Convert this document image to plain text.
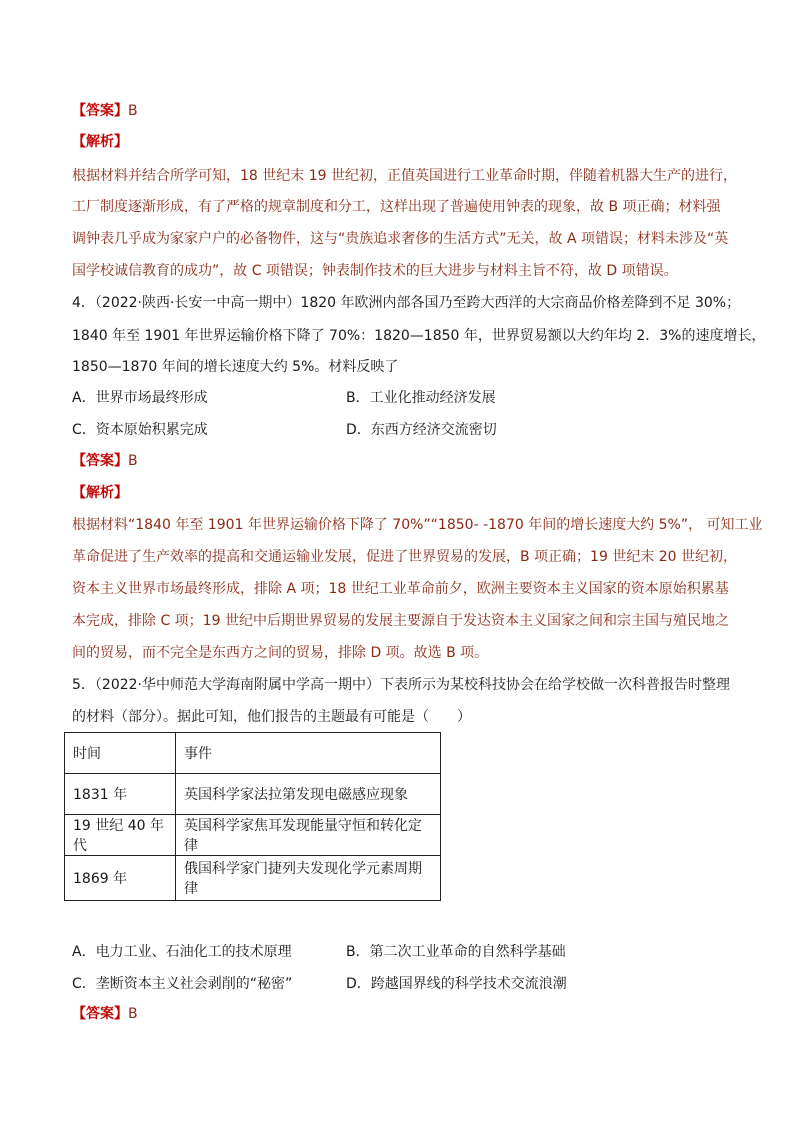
【答案】B
【解析】
根据材料并结合所学可知，18 世纪末 19 世纪初，正值英国进行工业革命时期，伴随着机器大生产的进行，
工厂制度逐渐形成，有了严格的规章制度和分工，这样出现了普遍使用钟表的现象，故 B 项正确；材料强
调钟表几乎成为家家户户的必备物件，这与“贵族追求奢侈的生活方式”无关，故 A 项错误；材料未涉及“英
国学校诚信教育的成功”，故 C 项错误；钟表制作技术的巨大进步与材料主旨不符，故 D 项错误。
4．（2022·陕西·长安一中高一期中）1820 年欧洲内部各国乃至跨大西洋的大宗商品价格差降到不足 30%；
1840 年至 1901 年世界运输价格下降了 70%：1820—1850 年，世界贸易额以大约年均 2．3%的速度增长，
1850—1870 年间的增长速度大约 5%。材料反映了
A．世界市场最终形成	B．工业化推动经济发展
C．资本原始积累完成	D．东西方经济交流密切
【答案】B
【解析】
根据材料“1840 年至 1901 年世界运输价格下降了 70%”“1850- -1870 年间的增长速度大约 5%”， 可知工业
革命促进了生产效率的提高和交通运输业发展，促进了世界贸易的发展，B 项正确；19 世纪末 20 世纪初，
资本主义世界市场最终形成，排除 A 项；18 世纪工业革命前夕，欧洲主要资本主义国家的资本原始积累基
本完成，排除 C 项；19 世纪中后期世界贸易的发展主要源自于发达资本主义国家之间和宗主国与殖民地之
间的贸易，而不完全是东西方之间的贸易，排除 D 项。故选 B 项。
5．（2022·华中师范大学海南附属中学高一期中）下表所示为某校科技协会在给学校做一次科普报告时整理
的材料（部分）。据此可知，他们报告的主题最有可能是（　　）
时间	事件
1831 年	英国科学家法拉第发现电磁感应现象
19 世纪 40 年代	英国科学家焦耳发现能量守恒和转化定律
1869 年	俄国科学家门捷列夫发现化学元素周期律
A．电力工业、石油化工的技术原理	B．第二次工业革命的自然科学基础
C．垄断资本主义社会剥削的“秘密”	D．跨越国界线的科学技术交流浪潮
【答案】B
